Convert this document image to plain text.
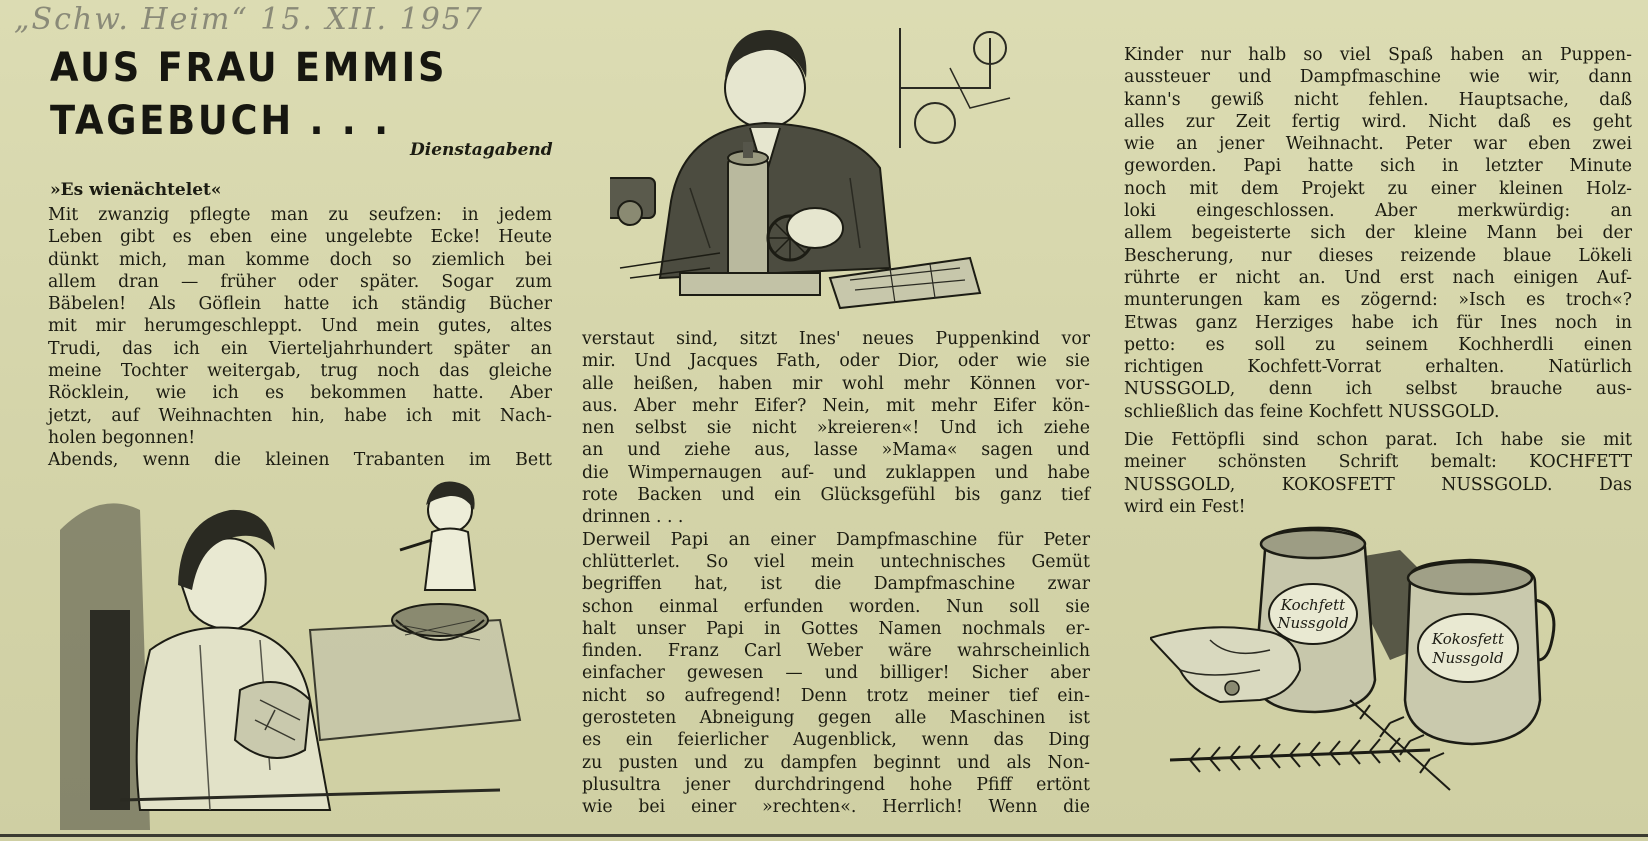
„Schw. Heim“ 15. XII. 1957
AUS FRAU EMMIS
TAGEBUCH . . .
Dienstagabend
»Es wienächtelet«

Mit zwanzig pflegte man zu seufzen: in jedem

Leben gibt es eben eine ungelebte Ecke! Heute

dünkt mich, man komme doch so ziemlich bei

allem dran — früher oder später. Sogar zum

Bäbelen! Als Göflein hatte ich ständig Bücher

mit mir herumgeschleppt. Und mein gutes, altes

Trudi, das ich ein Vierteljahrhundert später an

meine Tochter weitergab, trug noch das gleiche

Röcklein, wie ich es bekommen hatte. Aber

jetzt, auf Weihnachten hin, habe ich mit Nach-

holen begonnen!

Abends, wenn die kleinen Trabanten im Bett

verstaut sind, sitzt Ines' neues Puppenkind vor

mir. Und Jacques Fath, oder Dior, oder wie sie

alle heißen, haben mir wohl mehr Können vor-

aus. Aber mehr Eifer? Nein, mit mehr Eifer kön-

nen selbst sie nicht »kreieren«! Und ich ziehe

an und ziehe aus, lasse »Mama« sagen und

die Wimpernaugen auf- und zuklappen und habe

rote Backen und ein Glücksgefühl bis ganz tief

drinnen . . .

Derweil Papi an einer Dampfmaschine für Peter

chlütterlet. So viel mein untechnisches Gemüt

begriffen hat, ist die Dampfmaschine zwar

schon einmal erfunden worden. Nun soll sie

halt unser Papi in Gottes Namen nochmals er-

finden. Franz Carl Weber wäre wahrscheinlich

einfacher gewesen — und billiger! Sicher aber

nicht so aufregend! Denn trotz meiner tief ein-

gerosteten Abneigung gegen alle Maschinen ist

es ein feierlicher Augenblick, wenn das Ding

zu pusten und zu dampfen beginnt und als Non-

plusultra jener durchdringend hohe Pfiff ertönt

wie bei einer »rechten«. Herrlich! Wenn die

Kinder nur halb so viel Spaß haben an Puppen-

aussteuer und Dampfmaschine wie wir, dann

kann's gewiß nicht fehlen. Hauptsache, daß

alles zur Zeit fertig wird. Nicht daß es geht

wie an jener Weihnacht. Peter war eben zwei

geworden. Papi hatte sich in letzter Minute

noch mit dem Projekt zu einer kleinen Holz-

loki eingeschlossen. Aber merkwürdig: an

allem begeisterte sich der kleine Mann bei der

Bescherung, nur dieses reizende blaue Lökeli

rührte er nicht an. Und erst nach einigen Auf-

munterungen kam es zögernd: »Isch es troch«?

Etwas ganz Herziges habe ich für Ines noch in

petto: es soll zu seinem Kochherdli einen

richtigen Kochfett-Vorrat erhalten. Natürlich

NUSSGOLD, denn ich selbst brauche aus-

schließlich das feine Kochfett NUSSGOLD.

Die Fettöpfli sind schon parat. Ich habe sie mit

meiner schönsten Schrift bemalt: KOCHFETT

NUSSGOLD, KOKOSFETT NUSSGOLD. Das

wird ein Fest!

Kochfett
Nussgold
Kokosfett
Nussgold
